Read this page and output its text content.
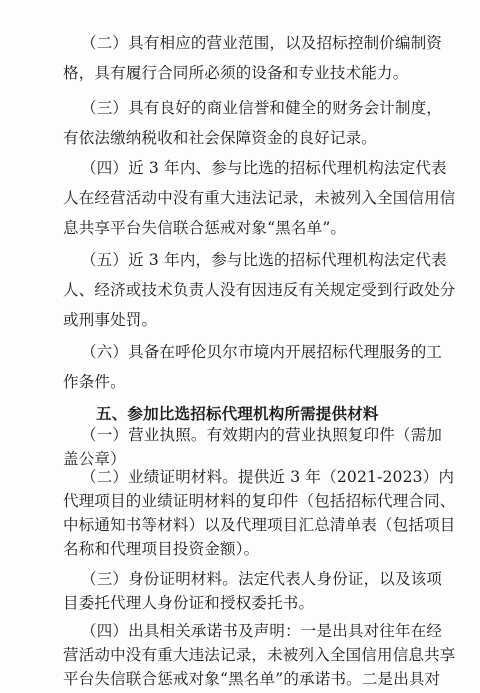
（二）具有相应的营业范围，以及招标控制价编制资

格，具有履行合同所必须的设备和专业技术能力。

（三）具有良好的商业信誉和健全的财务会计制度，

有依法缴纳税收和社会保障资金的良好记录。

（四）近 3 年内、参与比选的招标代理机构法定代表

人在经营活动中没有重大违法记录，未被列入全国信用信

息共享平台失信联合惩戒对象“黑名单”。

（五）近 3 年内，参与比选的招标代理机构法定代表

人、经济或技术负责人没有因违反有关规定受到行政处分

或刑事处罚。

（六）具备在呼伦贝尔市境内开展招标代理服务的工

作条件。

五、参加比选招标代理机构所需提供材料

（一）营业执照。有效期内的营业执照复印件（需加

盖公章）

（二）业绩证明材料。提供近 3 年（2021-2023）内

代理项目的业绩证明材料的复印件（包括招标代理合同、

中标通知书等材料）以及代理项目汇总清单表（包括项目

名称和代理项目投资金额）。

（三）身份证明材料。法定代表人身份证，以及该项

目委托代理人身份证和授权委托书。

（四）出具相关承诺书及声明：一是出具对往年在经

营活动中没有重大违法记录，未被列入全国信用信息共享

平台失信联合惩戒对象“黑名单”的承诺书。二是出具对
